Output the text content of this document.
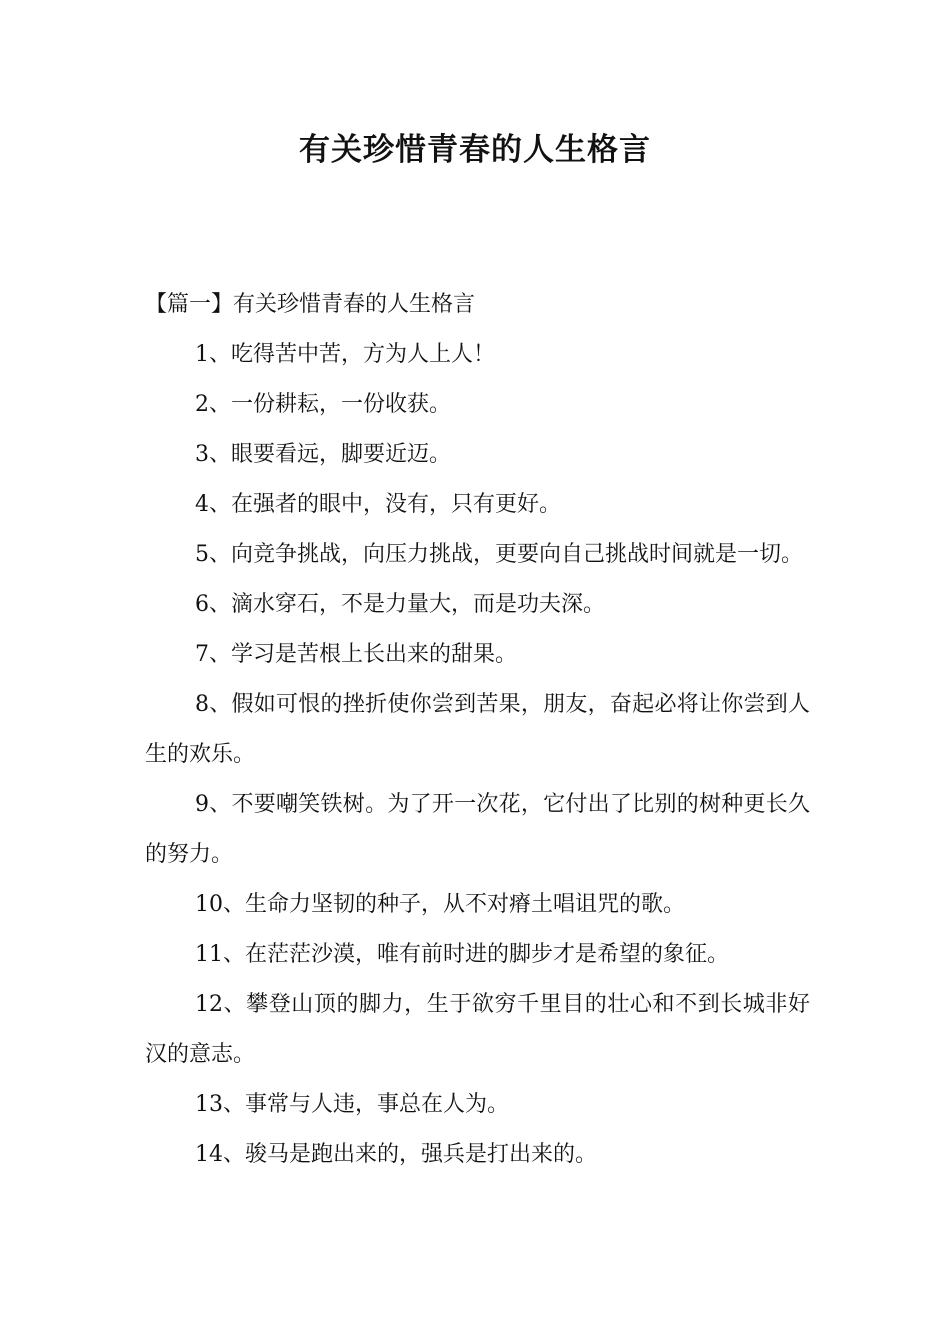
有关珍惜青春的人生格言

【篇一】有关珍惜青春的人生格言

1、吃得苦中苦，方为人上人！

2、一份耕耘，一份收获。

3、眼要看远，脚要近迈。

4、在强者的眼中，没有，只有更好。

5、向竞争挑战，向压力挑战，更要向自己挑战时间就是一切。

6、滴水穿石，不是力量大，而是功夫深。

7、学习是苦根上长出来的甜果。

8、假如可恨的挫折使你尝到苦果，朋友，奋起必将让你尝到人生的欢乐。

9、不要嘲笑铁树。为了开一次花，它付出了比别的树种更长久的努力。

10、生命力坚韧的种子，从不对瘠土唱诅咒的歌。

11、在茫茫沙漠，唯有前时进的脚步才是希望的象征。

12、攀登山顶的脚力，生于欲穷千里目的壮心和不到长城非好汉的意志。

13、事常与人违，事总在人为。

14、骏马是跑出来的，强兵是打出来的。
